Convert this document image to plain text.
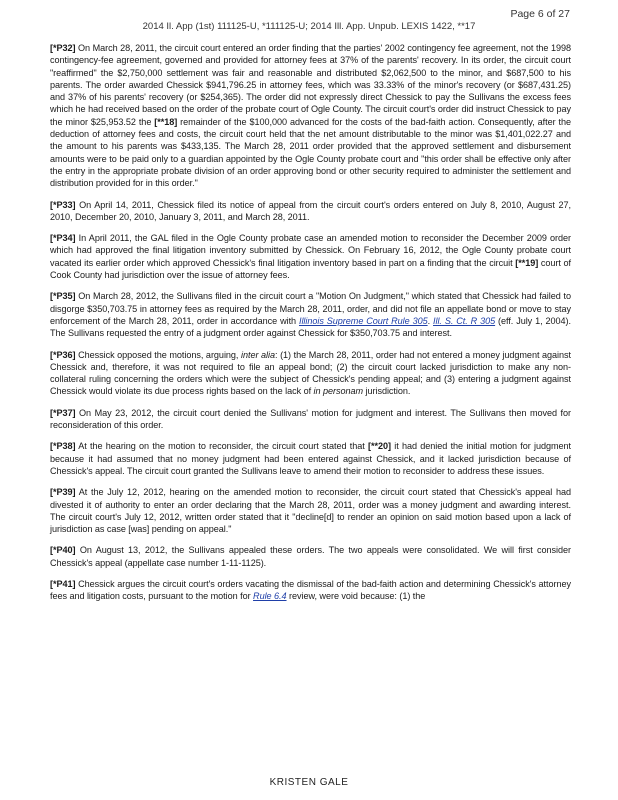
Page 6 of 27
2014 Il. App (1st) 111125-U, *111125-U; 2014 Ill. App. Unpub. LEXIS 1422, **17

[*P32] On March 28, 2011, the circuit court entered an order finding that the parties' 2002 contingency fee agreement, not the 1998 contingency-fee agreement, governed and provided for attorney fees at 37% of the parents' recovery. In its order, the circuit court "reaffirmed" the $2,750,000 settlement was fair and reasonable and distributed $2,062,500 to the minor, and $687,500 to his parents. The order awarded Chessick $941,796.25 in attorney fees, which was 33.33% of the minor's recovery (or $687,431.25) and 37% of his parents' recovery (or $254,365). The order did not expressly direct Chessick to pay the Sullivans the excess fees which he had received based on the order of the probate court of Ogle County. The circuit court's order did instruct Chessick to pay the minor $25,953.52 the [**18] remainder of the $100,000 advanced for the costs of the bad-faith action. Consequently, after the deduction of attorney fees and costs, the circuit court held that the net amount distributable to the minor was $1,401,022.27 and the amount to his parents was $433,135. The March 28, 2011 order provided that the approved settlement and disbursement amounts were to be paid only to a guardian appointed by the Ogle County probate court and "this order shall be effective only after the entry in the appropriate probate division of an order approving bond or other security required to administer the settlement and distribution provided for in this order."

[*P33] On April 14, 2011, Chessick filed its notice of appeal from the circuit court's orders entered on July 8, 2010, August 27, 2010, December 20, 2010, January 3, 2011, and March 28, 2011.

[*P34] In April 2011, the GAL filed in the Ogle County probate case an amended motion to reconsider the December 2009 order which had approved the final litigation inventory submitted by Chessick. On February 16, 2012, the Ogle County probate court vacated its earlier order which approved Chessick's final litigation inventory based in part on a finding that the circuit [**19] court of Cook County had jurisdiction over the issue of attorney fees.

[*P35] On March 28, 2012, the Sullivans filed in the circuit court a "Motion On Judgment," which stated that Chessick had failed to disgorge $350,703.75 in attorney fees as required by the March 28, 2011, order, and did not file an appellate bond or move to stay enforcement of the March 28, 2011, order in accordance with Illinois Supreme Court Rule 305. Ill. S. Ct. R 305 (eff. July 1, 2004). The Sullivans requested the entry of a judgment order against Chessick for $350,703.75 and interest.

[*P36] Chessick opposed the motions, arguing, inter alia: (1) the March 28, 2011, order had not entered a money judgment against Chessick and, therefore, it was not required to file an appeal bond; (2) the circuit court lacked jurisdiction to make any non-collateral ruling concerning the orders which were the subject of Chessick's pending appeal; and (3) entering a judgment against Chessick would violate its due process rights based on the lack of in personam jurisdiction.

[*P37] On May 23, 2012, the circuit court denied the Sullivans' motion for judgment and interest. The Sullivans then moved for reconsideration of this order.

[*P38] At the hearing on the motion to reconsider, the circuit court stated that [**20] it had denied the initial motion for judgment because it had assumed that no money judgment had been entered against Chessick, and it lacked jurisdiction because of Chessick's appeal. The circuit court granted the Sullivans leave to amend their motion to reconsider to address these issues.

[*P39] At the July 12, 2012, hearing on the amended motion to reconsider, the circuit court stated that Chessick's appeal had divested it of authority to enter an order declaring that the March 28, 2011, order was a money judgment and awarding interest. The circuit court's July 12, 2012, written order stated that it "decline[d] to render an opinion on said motion based upon a lack of jurisdiction as case [was] pending on appeal."

[*P40] On August 13, 2012, the Sullivans appealed these orders. The two appeals were consolidated. We will first consider Chessick's appeal (appellate case number 1-11-1125).

[*P41] Chessick argues the circuit court's orders vacating the dismissal of the bad-faith action and determining Chessick's attorney fees and litigation costs, pursuant to the motion for Rule 6.4 review, were void because: (1) the

KRISTEN GALE
